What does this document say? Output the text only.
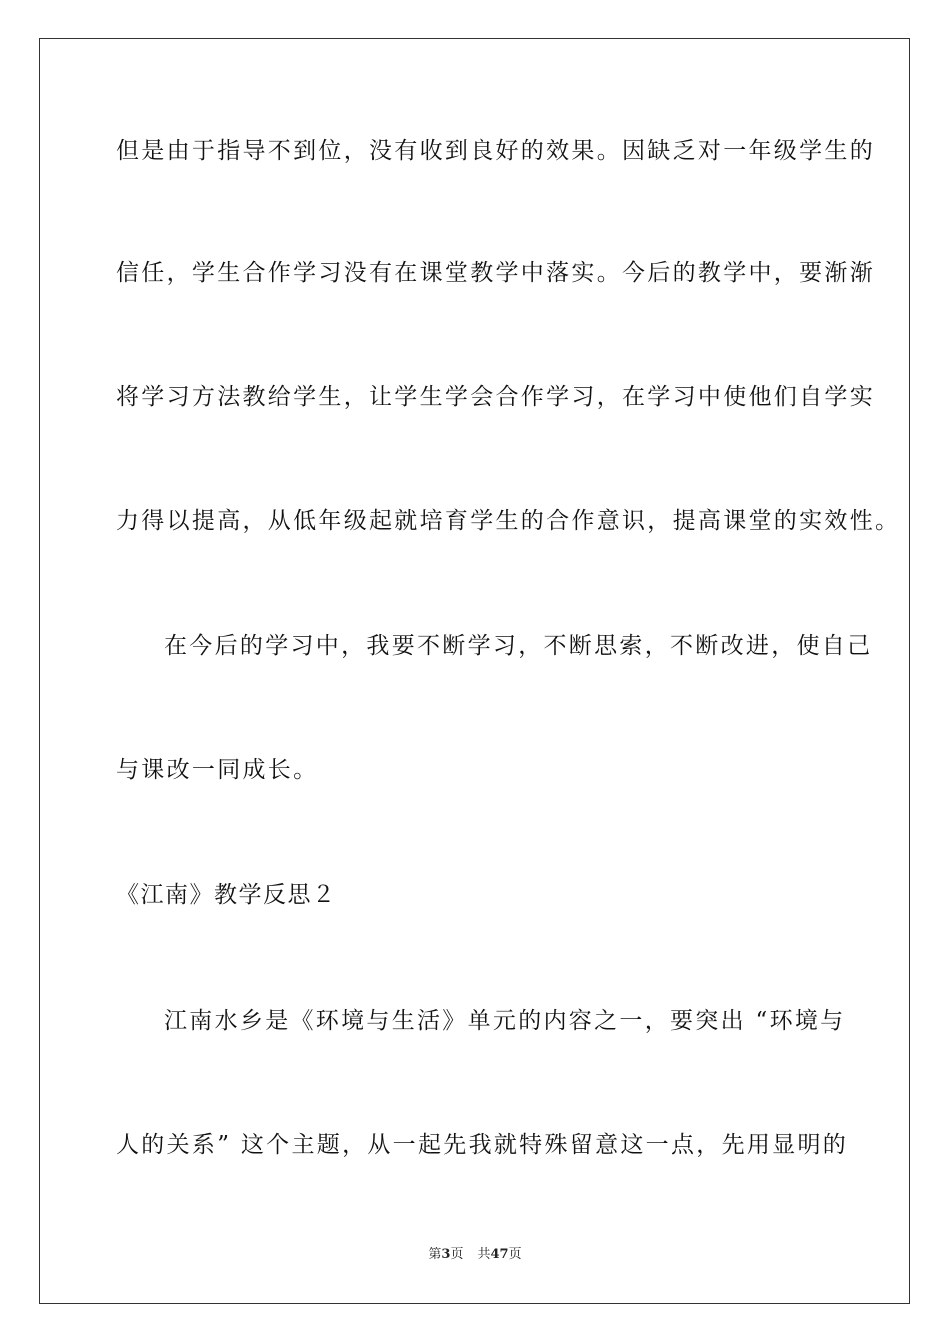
但是由于指导不到位，没有收到良好的效果。因缺乏对一年级学生的
信任，学生合作学习没有在课堂教学中落实。今后的教学中，要渐渐
将学习方法教给学生，让学生学会合作学习，在学习中使他们自学实
力得以提高，从低年级起就培育学生的合作意识，提高课堂的实效性。
在今后的学习中，我要不断学习，不断思索，不断改进，使自己
与课改一同成长。
《江南》教学反思２
江南水乡是《环境与生活》单元的内容之一，要突出 “环境与
人的关系” 这个主题，从一起先我就特殊留意这一点，先用显明的
第3页 共47页
